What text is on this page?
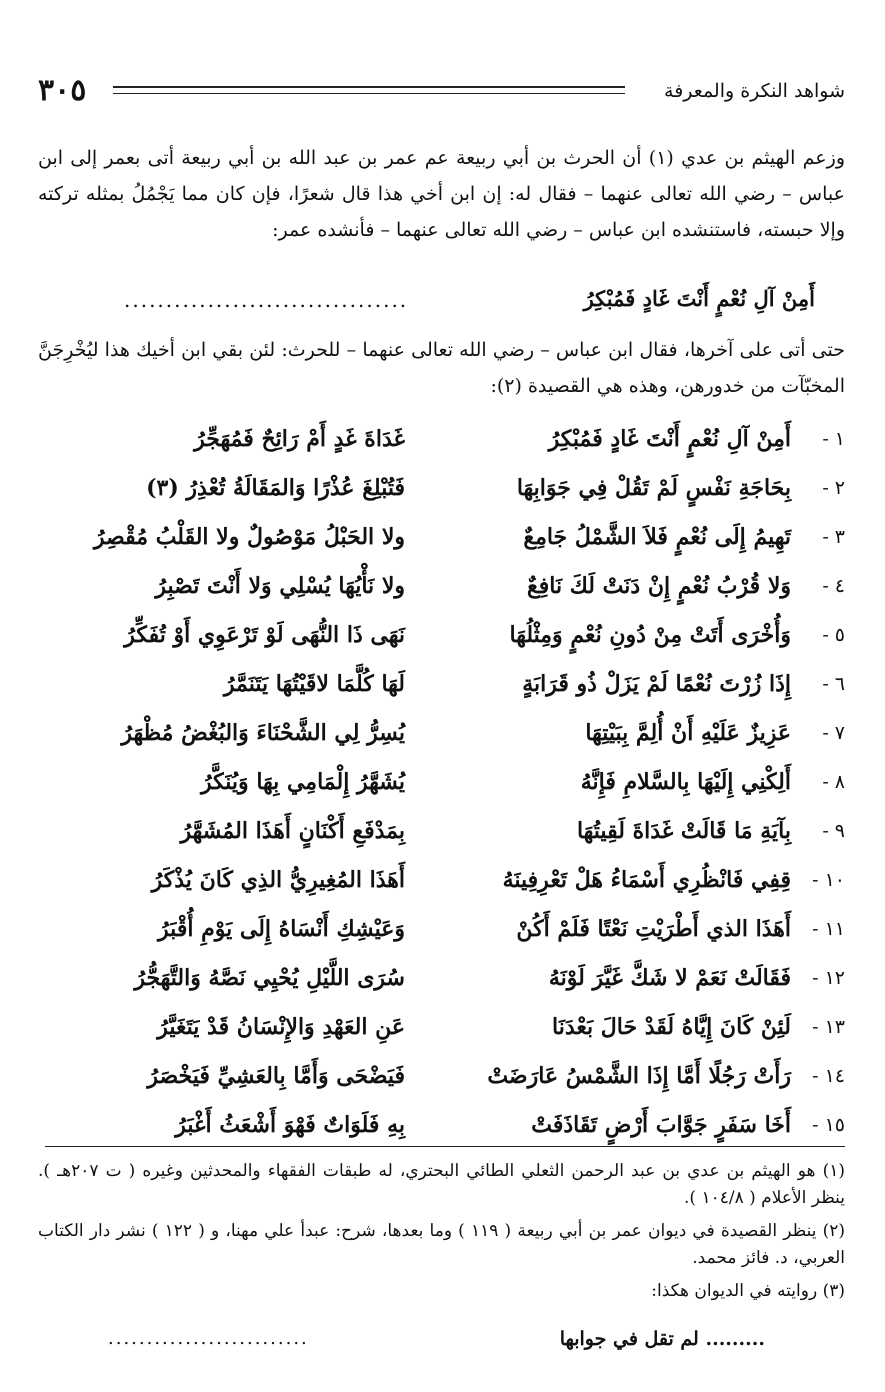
٣٠٥	شواهد النكرة والمعرفة
وزعم الهيثم بن عدي (١) أن الحرث بن أبي ربيعة عم عمر بن عبد الله بن أبي ربيعة أتى بعمر إلى ابن عباس – رضي الله تعالى عنهما – فقال له: إن ابن أخي هذا قال شعرًا، فإن كان مما يَجْمُلُ بمثله تركته وإلا حبسته، فاستنشده ابن عباس – رضي الله تعالى عنهما – فأنشده عمر:
أَمِنْ آلِ نُعْمٍ أَنْتَ غَادٍ فَمُبْكِرُ
..................................
حتى أتى على آخرها، فقال ابن عباس – رضي الله تعالى عنهما – للحرث: لئن بقي ابن أخيك هذا ليُخْرِجَنَّ المخبّآت من خدورهن، وهذه هي القصيدة (٢):
١ -
أَمِنْ آلِ نُعْمٍ أَنْتَ غَادٍ فَمُبْكِرُ
غَدَاةَ غَدٍ أَمْ رَائِحٌ فَمُهَجِّرُ
٢ -
بِحَاجَةِ نَفْسٍ لَمْ تَقُلْ فِي جَوَابِهَا
فَتُبْلِغَ عُذْرًا وَالمَقَالَةُ تُعْذِرُ (٣)
٣ -
تَهِيمُ إِلَى نُعْمٍ فَلاَ الشَّمْلُ جَامِعٌ
ولا الحَبْلُ مَوْصُولٌ ولا القَلْبُ مُقْصِرُ
٤ -
وَلا قُرْبُ نُعْمٍ إِنْ دَنَتْ لَكَ نَافِعٌ
ولا نَأْيُهَا يُسْلِي وَلا أَنْتَ تَصْبِرُ
٥ -
وَأُخْرَى أَتَتْ مِنْ دُونِ نُعْمٍ وَمِثْلُهَا
نَهَى ذَا النُّهَى لَوْ تَرْعَوِي أَوْ تُفَكِّرُ
٦ -
إِذَا زُرْتَ نُعْمًا لَمْ يَزَلْ ذُو قَرَابَةٍ
لَهَا كُلَّمَا لاقَيْتُهَا يَتَنَمَّرُ
٧ -
عَزِيزٌ عَلَيْهِ أَنْ أُلِمَّ بِبَيْتِهَا
يُسِرُّ لِي الشَّحْنَاءَ وَالبُغْضُ مُظْهَرُ
٨ -
أَلِكْنِي إِلَيْهَا بِالسَّلامِ فَإِنَّهُ
يُشَهَّرُ إِلْمَامِي بِهَا وَيُنَكَّرُ
٩ -
بِآيَةِ مَا قَالَتْ غَدَاةَ لَقِيتُهَا
بِمَدْفَعِ أَكْنَانٍ أَهَذَا المُشَهَّرُ
١٠ -
قِفِي فَانْظُرِي أَسْمَاءُ هَلْ تَعْرِفِينَهُ
أَهَذَا المُغِيرِيُّ الذِي كَانَ يُذْكَرُ
١١ -
أَهَذَا الذي أَطْرَيْتِ نَعْتًا فَلَمْ أَكُنْ
وَعَيْشِكِ أَنْسَاهُ إِلَى يَوْمِ أُقْبَرُ
١٢ -
فَقَالَتْ نَعَمْ لا شَكَّ غَيَّرَ لَوْنَهُ
سُرَى اللَّيْلِ يُحْيِي نَصَّهُ وَالتَّهَجُّرُ
١٣ -
لَئِنْ كَانَ إِيَّاهُ لَقَدْ حَالَ بَعْدَنَا
عَنِ العَهْدِ وَالإِنْسَانُ قَدْ يَتَغَيَّرُ
١٤ -
رَأَتْ رَجُلًا أَمَّا إِذَا الشَّمْسُ عَارَضَتْ
فَيَضْحَى وَأَمَّا بِالعَشِيِّ فَيَخْصَرُ
١٥ -
أَخَا سَفَرٍ جَوَّابَ أَرْضٍ تَقَاذَفَتْ
بِهِ فَلَوَاتٌ فَهْوَ أَشْعَثُ أَغْبَرُ

(١) هو الهيثم بن عدي بن عبد الرحمن الثعلي الطائي البحتري، له طبقات الفقهاء والمحدثين وغيره ( ت ٢٠٧هـ ). ينظر الأعلام ( ١٠٤/٨ ).

(٢) ينظر القصيدة في ديوان عمر بن أبي ربيعة ( ١١٩ ) وما بعدها، شرح: عبدأ علي مهنا، و ( ١٢٢ ) نشر دار الكتاب العربي، د. فائز محمد.

(٣) روايته في الديوان هكذا:

......... لم تقل في جوابها
..........................
